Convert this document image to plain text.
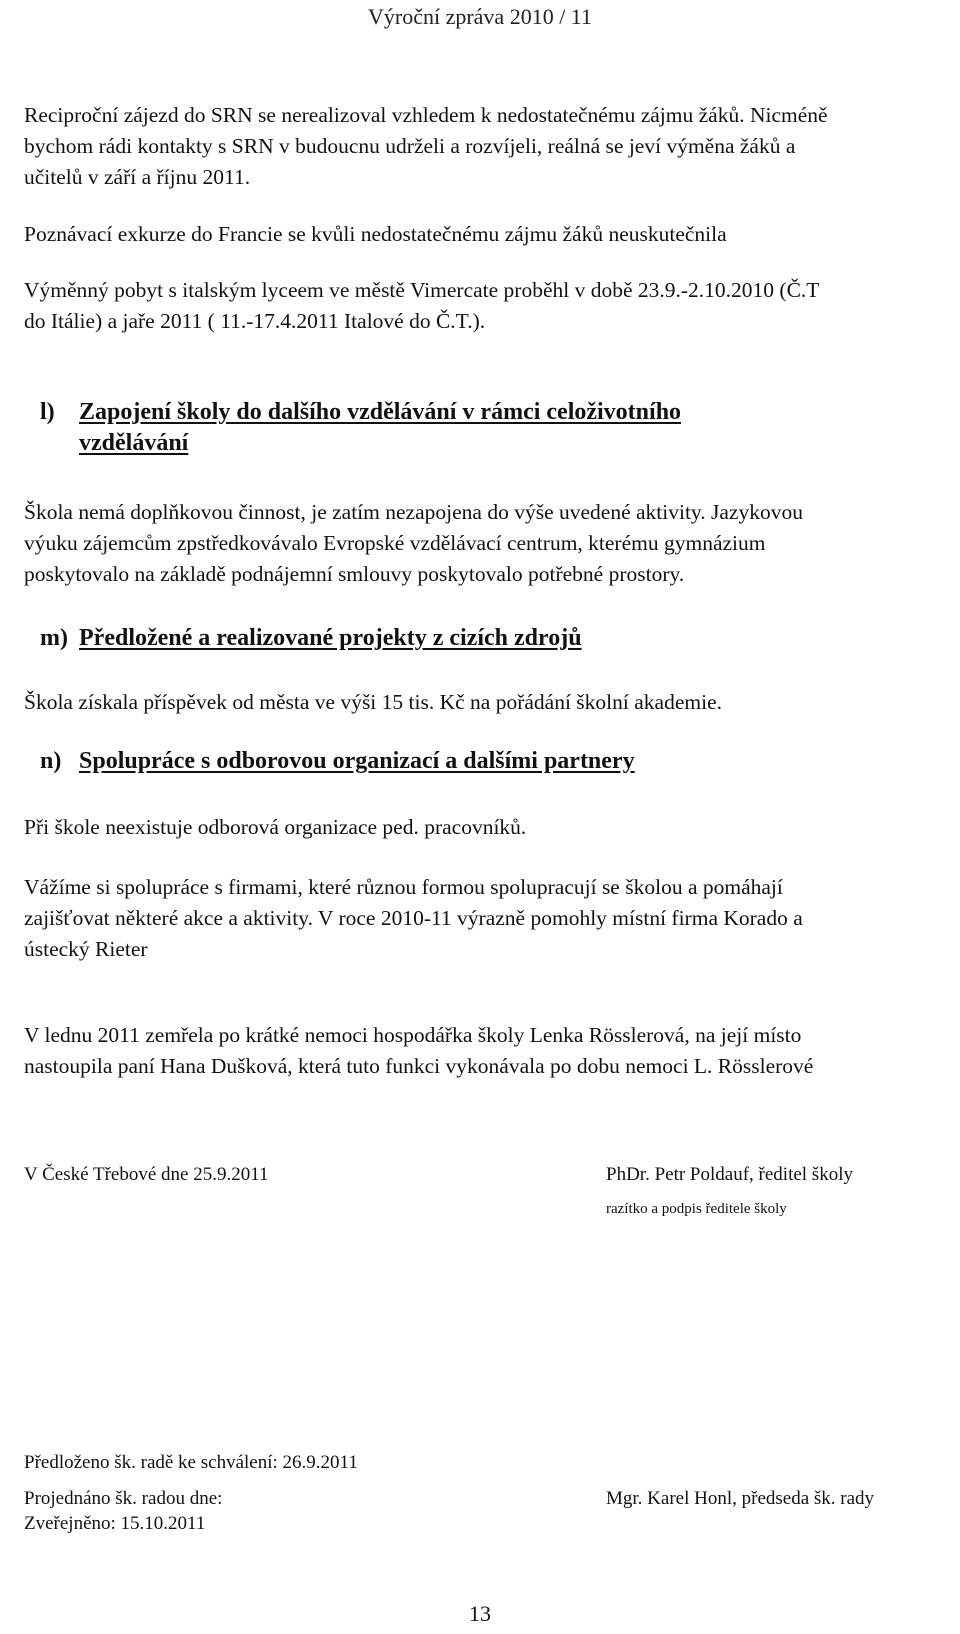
Výroční zpráva 2010 / 11
Reciproční zájezd do SRN se nerealizoval vzhledem k nedostatečnému zájmu žáků. Nicméně
bychom rádi kontakty s SRN v budoucnu udrželi a rozvíjeli, reálná se jeví výměna žáků a
učitelů v září a říjnu 2011.
Poznávací exkurze do Francie se kvůli nedostatečnému zájmu žáků neuskutečnila
Výměnný pobyt s italským lyceem ve městě Vimercate proběhl v době 23.9.-2.10.2010 (Č.T
do Itálie) a jaře 2011 ( 11.-17.4.2011 Italové do Č.T.).
l) Zapojení školy do dalšího vzdělávání v rámci celoživotního
vzdělávání
Škola nemá doplňkovou činnost, je zatím nezapojena do výše uvedené aktivity. Jazykovou
výuku zájemcům zpstředkovávalo Evropské vzdělávací centrum, kterému gymnázium
poskytovalo na základě podnájemní smlouvy poskytovalo potřebné prostory.
m) Předložené a realizované projekty z cizích zdrojů
Škola získala příspěvek od města ve výši 15 tis. Kč na pořádání školní akademie.
n) Spolupráce s odborovou organizací a dalšími partnery
Při škole neexistuje odborová organizace ped. pracovníků.
Vážíme si spolupráce s firmami, které různou formou spolupracují se školou a pomáhají
zajišťovat některé akce a aktivity. V roce 2010-11 výrazně pomohly místní firma Korado a
ústecký Rieter
V lednu 2011 zemřela po krátké nemoci hospodářka školy Lenka Rösslerová, na její místo
nastoupila paní Hana Dušková, která tuto funkci vykonávala po dobu nemoci L. Rösslerové
V České Třebové dne 25.9.2011	PhDr. Petr Poldauf, ředitel školy
razítko a podpis ředitele školy
Předloženo šk. radě ke schválení: 26.9.2011
Projednáno šk. radou dne:	Mgr. Karel Honl, předseda šk. rady
Zveřejněno: 15.10.2011
13
